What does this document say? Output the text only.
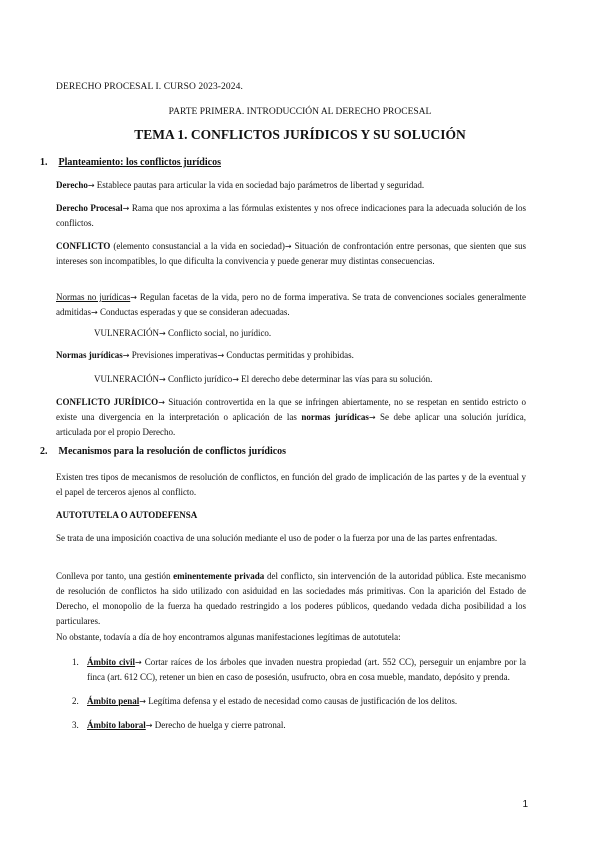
DERECHO PROCESAL I. CURSO 2023-2024.
PARTE PRIMERA. INTRODUCCIÓN AL DERECHO PROCESAL
TEMA 1. CONFLICTOS JURÍDICOS Y SU SOLUCIÓN
1. Planteamiento: los conflictos jurídicos

Derecho→ Establece pautas para articular la vida en sociedad bajo parámetros de libertad y seguridad.

Derecho Procesal→ Rama que nos aproxima a las fórmulas existentes y nos ofrece indicaciones para la adecuada solución de los conflictos.

CONFLICTO (elemento consustancial a la vida en sociedad)→ Situación de confrontación entre personas, que sienten que sus intereses son incompatibles, lo que dificulta la convivencia y puede generar muy distintas consecuencias.

Normas no jurídicas→ Regulan facetas de la vida, pero no de forma imperativa. Se trata de convenciones sociales generalmente admitidas→ Conductas esperadas y que se consideran adecuadas.

VULNERACIÓN→ Conflicto social, no jurídico.

Normas jurídicas→ Previsiones imperativas→ Conductas permitidas y prohibidas.

VULNERACIÓN→ Conflicto jurídico→ El derecho debe determinar las vías para su solución.

CONFLICTO JURÍDICO→ Situación controvertida en la que se infringen abiertamente, no se respetan en sentido estricto o existe una divergencia en la interpretación o aplicación de las normas jurídicas→ Se debe aplicar una solución jurídica, articulada por el propio Derecho.

2. Mecanismos para la resolución de conflictos jurídicos

Existen tres tipos de mecanismos de resolución de conflictos, en función del grado de implicación de las partes y de la eventual y el papel de terceros ajenos al conflicto.

AUTOTUTELA O AUTODEFENSA

Se trata de una imposición coactiva de una solución mediante el uso de poder o la fuerza por una de las partes enfrentadas.

Conlleva por tanto, una gestión eminentemente privada del conflicto, sin intervención de la autoridad pública. Este mecanismo de resolución de conflictos ha sido utilizado con asiduidad en las sociedades más primitivas. Con la aparición del Estado de Derecho, el monopolio de la fuerza ha quedado restringido a los poderes públicos, quedando vedada dicha posibilidad a los particulares.

No obstante, todavía a día de hoy encontramos algunas manifestaciones legítimas de autotutela:

1. Ámbito civil→ Cortar raíces de los árboles que invaden nuestra propiedad (art. 552 CC), perseguir un enjambre por la finca (art. 612 CC), retener un bien en caso de posesión, usufructo, obra en cosa mueble, mandato, depósito y prenda.
2. Ámbito penal→ Legítima defensa y el estado de necesidad como causas de justificación de los delitos.
3. Ámbito laboral→ Derecho de huelga y cierre patronal.
1
